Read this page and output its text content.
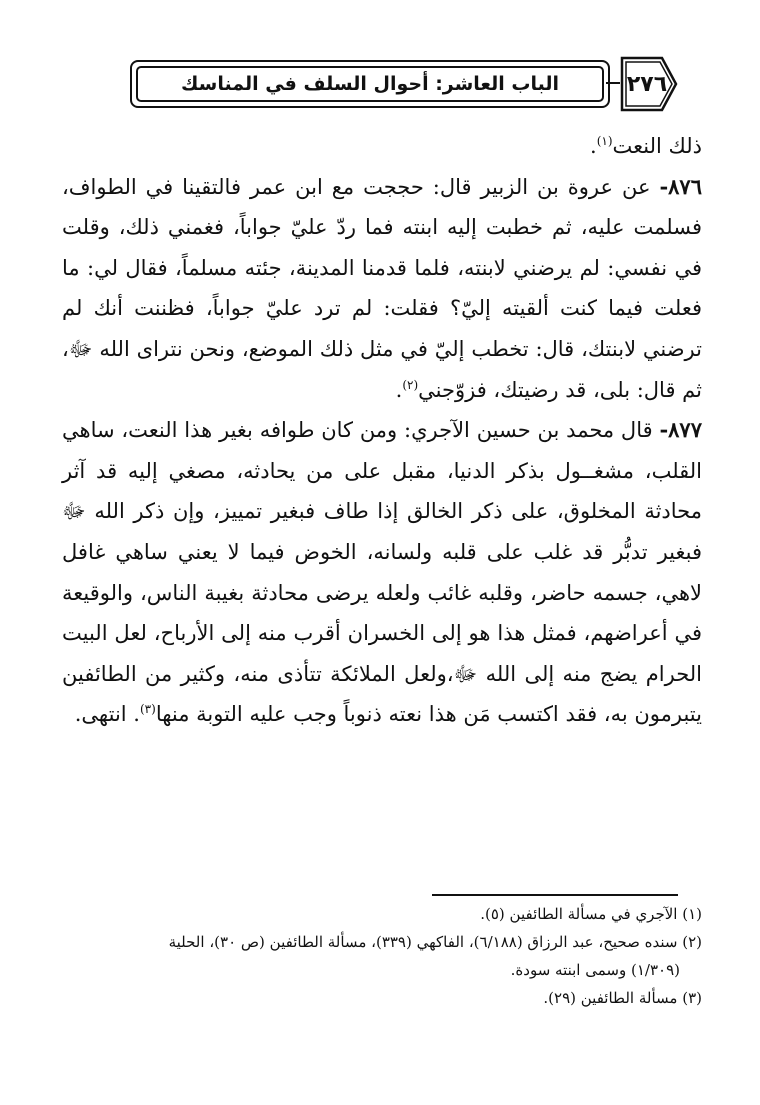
الباب العاشر: أحوال السلف في المناسك	٢٧٦

ذلك النعت$^{(١)}$.

٨٧٦- عن عروة بن الزبير قال: حججت مع ابن عمر فالتقينا في الطواف، فسلمت عليه، ثم خطبت إليه ابنته فما ردّ عليّ جواباً، فغمني ذلك، وقلت في نفسي: لم يرضني لابنته، فلما قدمنا المدينة، جئته مسلماً، فقال لي: ما فعلت فيما كنت ألقيته إليّ؟ فقلت: لم ترد عليّ جواباً، فظننت أنك لم ترضني لابنتك، قال: تخطب إليّ في مثل ذلك الموضع، ونحن نتراى الله ﷻ، ثم قال: بلى، قد رضيتك، فزوّجني$^{(٢)}$.

٨٧٧- قال محمد بن حسين الآجري: ومن كان طوافه بغير هذا النعت، ساهي القلب، مشغــول بذكر الدنيا، مقبل على من يحادثه، مصغي إليه قد آثر محادثة المخلوق، على ذكر الخالق إذا طاف فبغير تمييز، وإن ذكر الله ﷻ فبغير تدبُّر قد غلب على قلبه ولسانه، الخوض فيما لا يعني ساهي غافل لاهي، جسمه حاضر، وقلبه غائب ولعله يرضى محادثة بغيبة الناس، والوقيعة في أعراضهم، فمثل هذا هو إلى الخسران أقرب منه إلى الأرباح، لعل البيت الحرام يضج منه إلى الله ﷻ،ولعل الملائكة تتأذى منه، وكثير من الطائفين يتبرمون به، فقد اكتسب مَن هذا نعته ذنوباً وجب عليه التوبة منها$^{(٣)}$. انتهى.

(١) الآجري في مسألة الطائفين (٥).

(٢) سنده صحيح، عبد الرزاق (٦/١٨٨)، الفاكهي (٣٣٩)، مسألة الطائفين (ص ٣٠)، الحلية

(١/٣٠٩) وسمى ابنته سودة.

(٣) مسألة الطائفين (٢٩).
